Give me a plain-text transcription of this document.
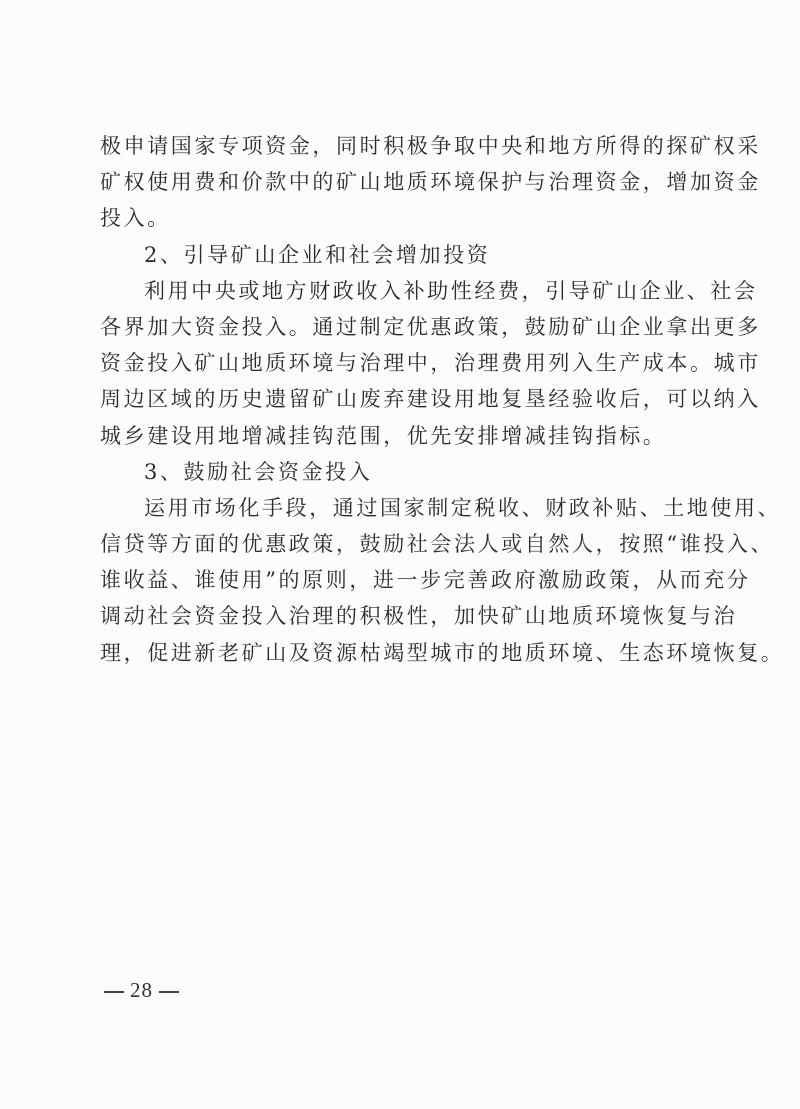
极申请国家专项资金，同时积极争取中央和地方所得的探矿权采
矿权使用费和价款中的矿山地质环境保护与治理资金，增加资金
投入。
2、引导矿山企业和社会增加投资
利用中央或地方财政收入补助性经费，引导矿山企业、社会
各界加大资金投入。通过制定优惠政策，鼓励矿山企业拿出更多
资金投入矿山地质环境与治理中，治理费用列入生产成本。城市
周边区域的历史遗留矿山废弃建设用地复垦经验收后，可以纳入
城乡建设用地增减挂钩范围，优先安排增减挂钩指标。
3、鼓励社会资金投入
运用市场化手段，通过国家制定税收、财政补贴、土地使用、
信贷等方面的优惠政策，鼓励社会法人或自然人，按照“谁投入、
谁收益、谁使用”的原则，进一步完善政府激励政策，从而充分
调动社会资金投入治理的积极性，加快矿山地质环境恢复与治
理，促进新老矿山及资源枯竭型城市的地质环境、生态环境恢复。
28
